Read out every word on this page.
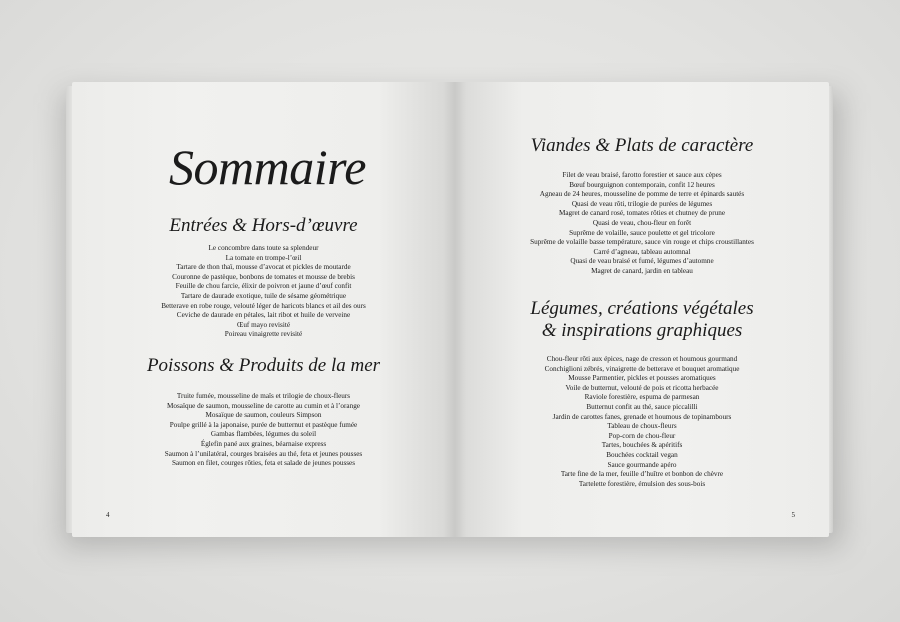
Sommaire
Entrées & Hors-d’œuvre
Le concombre dans toute sa splendeur
La tomate en trompe-l’œil
Tartare de thon thaï, mousse d’avocat et pickles de moutarde
Couronne de pastèque, bonbons de tomates et mousse de brebis
Feuille de chou farcie, élixir de poivron et jaune d’œuf confit
Tartare de daurade exotique, tuile de sésame géométrique
Betterave en robe rouge, velouté léger de haricots blancs et ail des ours
Ceviche de daurade en pétales, lait ribot et huile de verveine
Œuf mayo revisité
Poireau vinaigrette revisité
Poissons & Produits de la mer
Truite fumée, mousseline de maïs et trilogie de choux-fleurs
Mosaïque de saumon, mousseline de carotte au cumin et à l’orange
Mosaïque de saumon, couleurs Simpson
Poulpe grillé à la japonaise, purée de butternut et pastèque fumée
Gambas flambées, légumes du soleil
Églefin pané aux graines, béarnaise express
Saumon à l’unilatéral, courges braisées au thé, feta et jeunes pousses
Saumon en filet, courges rôties, feta et salade de jeunes pousses
4
Viandes & Plats de caractère
Filet de veau braisé, farotto forestier et sauce aux cèpes
Bœuf bourguignon contemporain, confit 12 heures
Agneau de 24 heures, mousseline de pomme de terre et épinards sautés
Quasi de veau rôti, trilogie de purées de légumes
Magret de canard rosé, tomates rôties et chutney de prune
Quasi de veau, chou-fleur en forêt
Suprême de volaille, sauce poulette et gel tricolore
Suprême de volaille basse température, sauce vin rouge et chips croustillantes
Carré d’agneau, tableau automnal
Quasi de veau braisé et fumé, légumes d’automne
Magret de canard, jardin en tableau
Légumes, créations végétales
& inspirations graphiques
Chou-fleur rôti aux épices, nage de cresson et houmous gourmand
Conchiglioni zébrés, vinaigrette de betterave et bouquet aromatique
Mousse Parmentier, pickles et pousses aromatiques
Voile de butternut, velouté de pois et ricotta herbacée
Raviole forestière, espuma de parmesan
Butternut confit au thé, sauce piccalilli
Jardin de carottes fanes, grenade et houmous de topinambours
Tableau de choux-fleurs
Pop-corn de chou-fleur
Tartes, bouchées & apéritifs
Bouchées cocktail vegan
Sauce gourmande apéro
Tarte fine de la mer, feuille d’huître et bonbon de chèvre
Tartelette forestière, émulsion des sous-bois
5
